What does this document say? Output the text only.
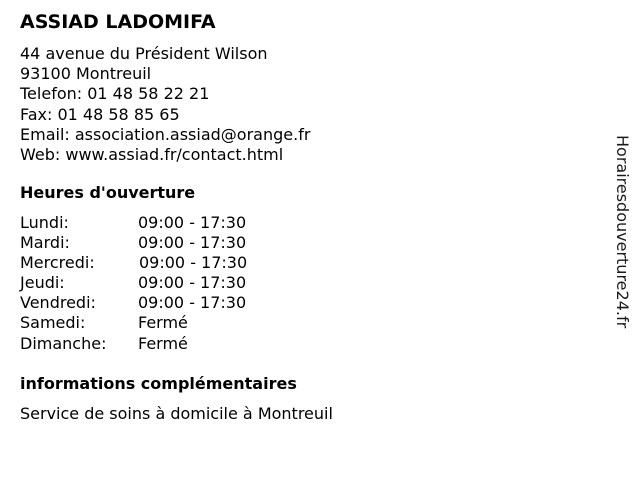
ASSIAD LADOMIFA
44 avenue du Président Wilson
93100 Montreuil
Telefon: 01 48 58 22 21
Fax: 01 48 58 85 65
Email: association.assiad@orange.fr
Web: www.assiad.fr/contact.html
Heures d'ouverture
Lundi:	09:00 - 17:30
Mardi:	09:00 - 17:30
Mercredi:	09:00 - 17:30
Jeudi:	09:00 - 17:30
Vendredi:	09:00 - 17:30
Samedi:	Fermé
Dimanche: Fermé
informations complémentaires
Service de soins à domicile à Montreuil
Horairesdouverture24.fr
